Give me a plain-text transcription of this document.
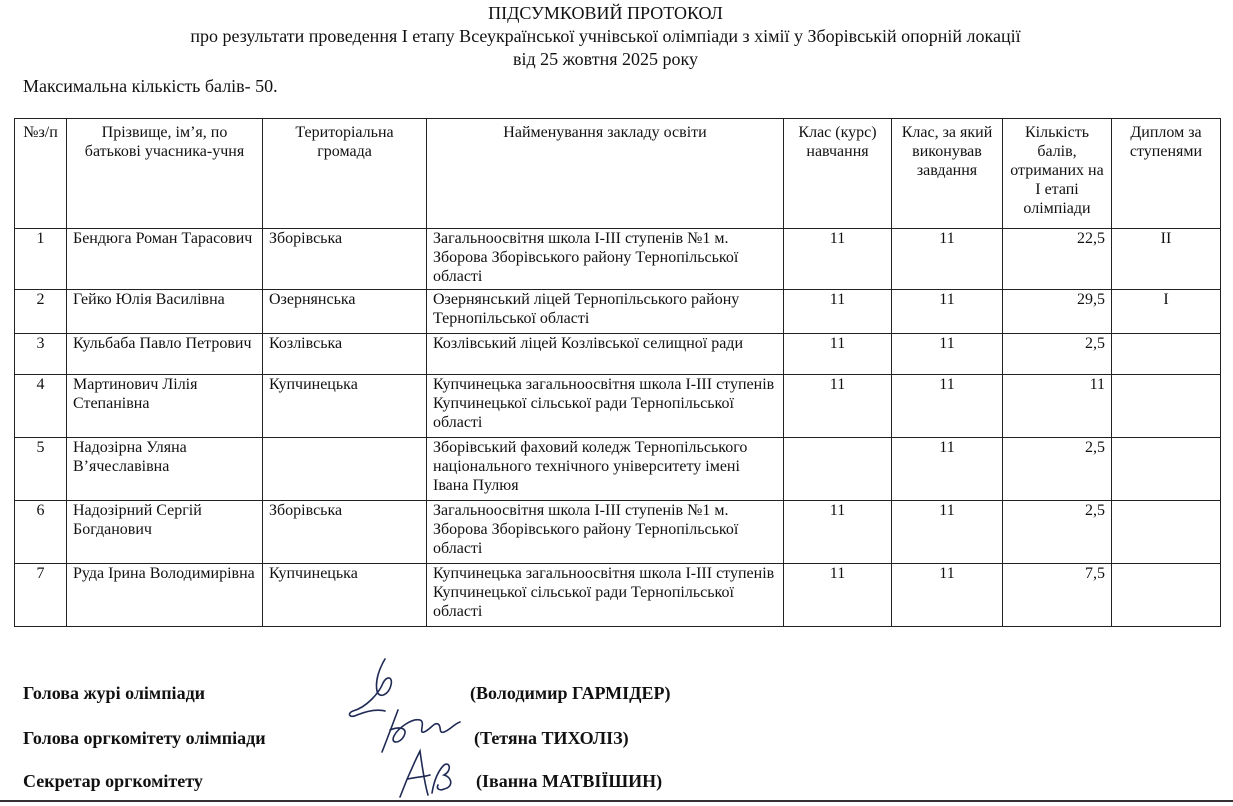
ПІДСУМКОВИЙ ПРОТОКОЛ
про результати проведення І етапу Всеукраїнської учнівської олімпіади з хімії у Зборівській опорній локації
від 25 жовтня 2025 року
Максимальна кількість балів- 50.
№з/п	Прізвище, ім’я, по батькові учасника-учня	Територіальна громада	Найменування закладу освіти	Клас (курс) навчання	Клас, за який виконував завдання	Кількість балів, отриманих на І етапі олімпіади	Диплом за ступенями
1	Бендюга Роман Тарасович	Зборівська	Загальноосвітня школа І-ІІІ ступенів №1 м. Зборова Зборівського району Тернопільської області	11	11	22,5	ІІ
2	Гейко Юлія Василівна	Озернянська	Озернянський ліцей Тернопільського району Тернопільської області	11	11	29,5	І
3	Кульбаба Павло Петрович	Козлівська	Козлівський ліцей Козлівської селищної ради	11	11	2,5	
4	Мартинович Лілія Степанівна	Купчинецька	Купчинецька загальноосвітня школа І-ІІІ ступенів Купчинецької сільської ради Тернопільської області	11	11	11	
5	Надозірна Уляна В’ячеславівна		Зборівський фаховий коледж Тернопільського національного технічного університету імені Івана Пулюя		11	2,5	
6	Надозірний Сергій Богданович	Зборівська	Загальноосвітня школа І-ІІІ ступенів №1 м. Зборова Зборівського району Тернопільської області	11	11	2,5	
7	Руда Ірина Володимирівна	Купчинецька	Купчинецька загальноосвітня школа І-ІІІ ступенів Купчинецької сільської ради Тернопільської області	11	11	7,5	
Голова журі олімпіади	(Володимир ГАРМІДЕР)
Голова оргкомітету олімпіади	(Тетяна ТИХОЛІЗ)
Секретар оргкомітету	(Іванна МАТВІЇШИН)
